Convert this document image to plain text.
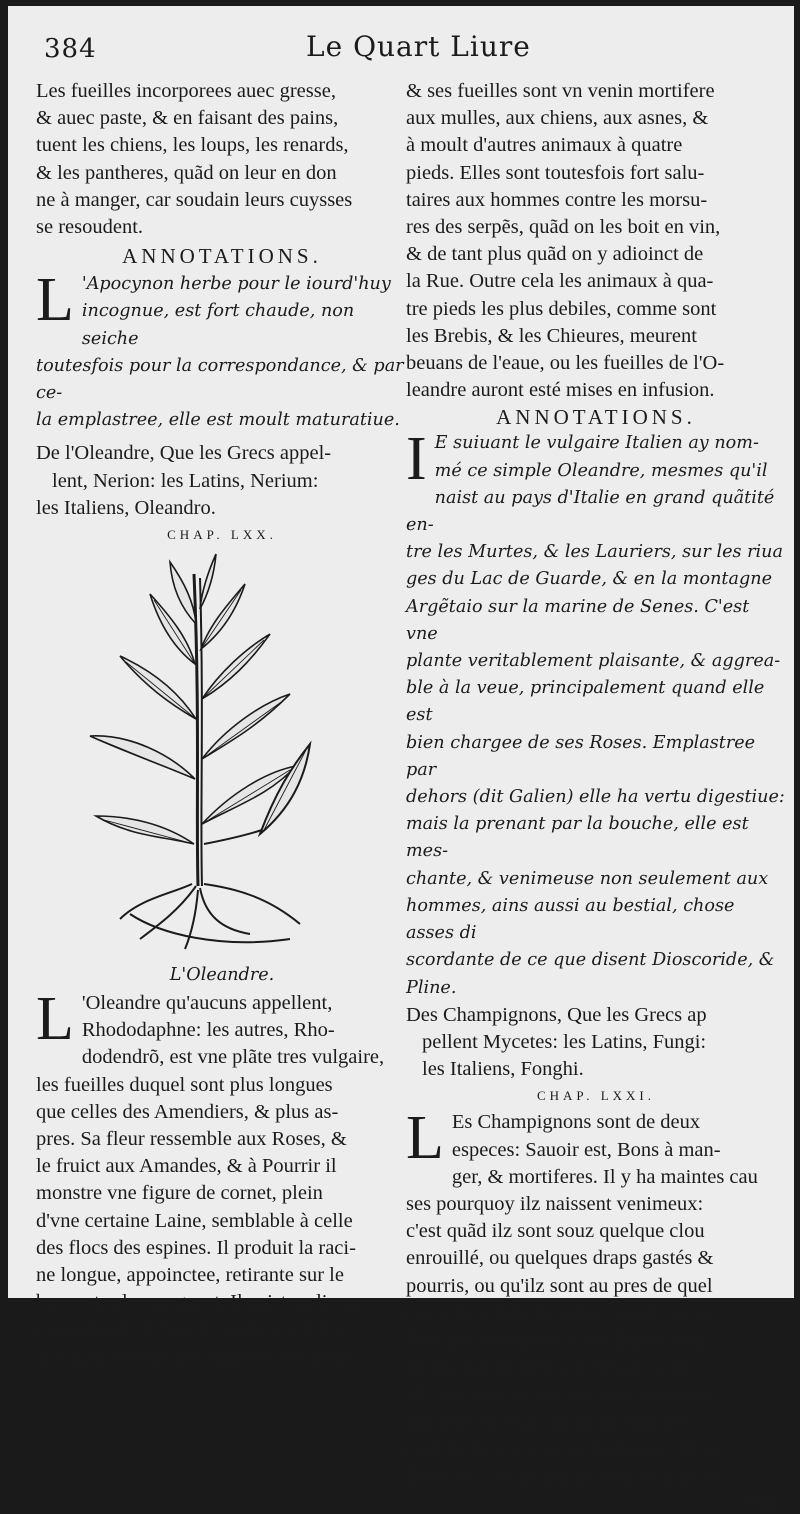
384	Le Quart Liure

Les fueilles incorporees auec gresse,

& auec paste, & en faisant des pains,

tuent les chiens, les loups, les renards,

& les pantheres, quãd on leur en don

ne à manger, car soudain leurs cuysses

se resoudent.

ANNOTATIONS.

L 'Apocynon herbe pour le iourd'huy

incognue, est fort chaude, non seiche

toutesfois pour la correspondance, & par ce-

la emplastree, elle est moult maturatiue.

De l'Oleandre, Que les Grecs appel-

lent, Nerion: les Latins, Nerium:

les Italiens, Oleandro.

CHAP. LXX.

L'Oleandre.

L 'Oleandre qu'aucuns appellent,

Rhododaphne: les autres, Rho-

dodendrõ, est vne plãte tres vulgaire,

les fueilles duquel sont plus longues

que celles des Amendiers, & plus as-

pres. Sa fleur ressemble aux Roses, &

le fruict aux Amandes, & à Pourrir il

monstre vne figure de cornet, plein

d'vne certaine Laine, semblable à celle

des flocs des espines. Il produit la raci-

ne longue, appoinctee, retirante sur le

boys, et salee au goust. Il naist en lieux

descouuerts au Soleil, sur la marine, et

au lõg des bords des riuieres, ses fleurs

& ses fueilles sont vn venin mortifere

aux mulles, aux chiens, aux asnes, &

à moult d'autres animaux à quatre

pieds. Elles sont toutesfois fort salu-

taires aux hommes contre les morsu-

res des serpẽs, quãd on les boit en vin,

& de tant plus quãd on y adioinct de

la Rue. Outre cela les animaux à qua-

tre pieds les plus debiles, comme sont

les Brebis, & les Chieures, meurent

beuans de l'eaue, ou les fueilles de l'O-

leandre auront esté mises en infusion.

ANNOTATIONS.

I E suiuant le vulgaire Italien ay nom-

mé ce simple Oleandre, mesmes qu'il

naist au pays d'Italie en grand quãtité en-

tre les Murtes, & les Lauriers, sur les riua

ges du Lac de Guarde, & en la montagne

Argẽtaio sur la marine de Senes. C'est vne

plante veritablement plaisante, & aggrea-

ble à la veue, principalement quand elle est

bien chargee de ses Roses. Emplastree par

dehors (dit Galien) elle ha vertu digestiue:

mais la prenant par la bouche, elle est mes-

chante, & venimeuse non seulement aux

hommes, ains aussi au bestial, chose asses di

scordante de ce que disent Dioscoride, &

Pline.

Des Champignons, Que les Grecs ap

pellent Mycetes: les Latins, Fungi:

les Italiens, Fonghi.

CHAP. LXXI.

L Es Champignons sont de deux

especes: Sauoir est, Bons à man-

ger, & mortiferes. Il y ha maintes cau

ses pourquoy ilz naissent venimeux:

c'est quãd ilz sont souz quelque clou

enrouillé, ou quelques draps gastés &

pourris, ou qu'ilz sont au pres de quel

que cauerne de Serpens, ou sur les ar-

bres qui produisent leurs fruicts veni

meux, & mortiferes. Ceux qui sont

tels ont sur eux vne certaine viscosité

mollette, & soudain qu'ilz sont re-

cueillis de terre, ilz se pourrisset, & se

flestrisset, Ceux qui ne sont venimeux

sont
